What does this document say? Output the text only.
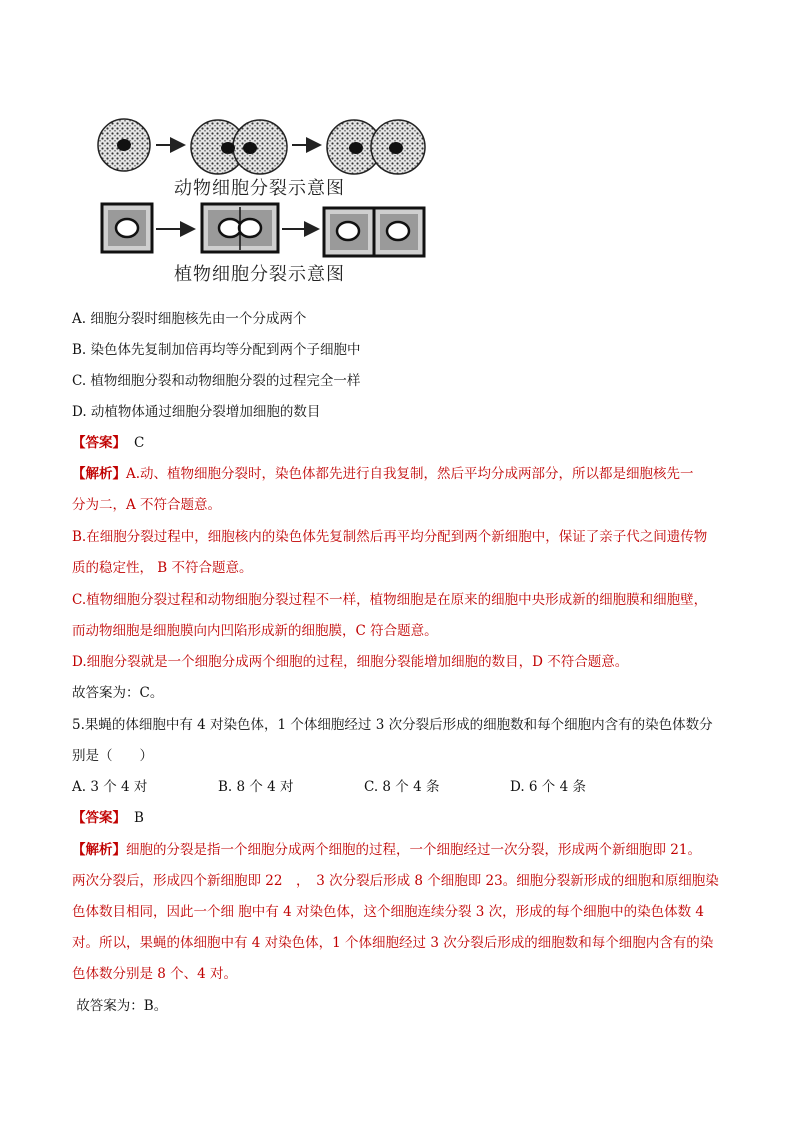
动物细胞分裂示意图
植物细胞分裂示意图
A. 细胞分裂时细胞核先由一个分成两个
B. 染色体先复制加倍再均等分配到两个子细胞中
C. 植物细胞分裂和动物细胞分裂的过程完全一样
D. 动植物体通过细胞分裂增加细胞的数目
【答案】 C
【解析】A.动、植物细胞分裂时，染色体都先进行自我复制，然后平均分成两部分，所以都是细胞核先一
分为二，A 不符合题意。
B.在细胞分裂过程中，细胞核内的染色体先复制然后再平均分配到两个新细胞中，保证了亲子代之间遗传物
质的稳定性， B 不符合题意。
C.植物细胞分裂过程和动物细胞分裂过程不一样，植物细胞是在原来的细胞中央形成新的细胞膜和细胞壁，
而动物细胞是细胞膜向内凹陷形成新的细胞膜，C 符合题意。
D.细胞分裂就是一个细胞分成两个细胞的过程，细胞分裂能增加细胞的数目，D 不符合题意。
故答案为：C。
5.果蝇的体细胞中有 4 对染色体，1 个体细胞经过 3 次分裂后形成的细胞数和每个细胞内含有的染色体数分
别是（　　）
A. 3 个 4 对	B. 8 个 4 对	C. 8 个 4 条	D. 6 个 4 条
【答案】 B
【解析】细胞的分裂是指一个细胞分成两个细胞的过程，一个细胞经过一次分裂，形成两个新细胞即 21。
两次分裂后，形成四个新细胞即 22　，　3 次分裂后形成 8 个细胞即 23。细胞分裂新形成的细胞和原细胞染
色体数目相同，因此一个细 胞中有 4 对染色体，这个细胞连续分裂 3 次，形成的每个细胞中的染色体数 4
对。所以，果蝇的体细胞中有 4 对染色体，1 个体细胞经过 3 次分裂后形成的细胞数和每个细胞内含有的染
色体数分别是 8 个、4 对。
故答案为：B。
